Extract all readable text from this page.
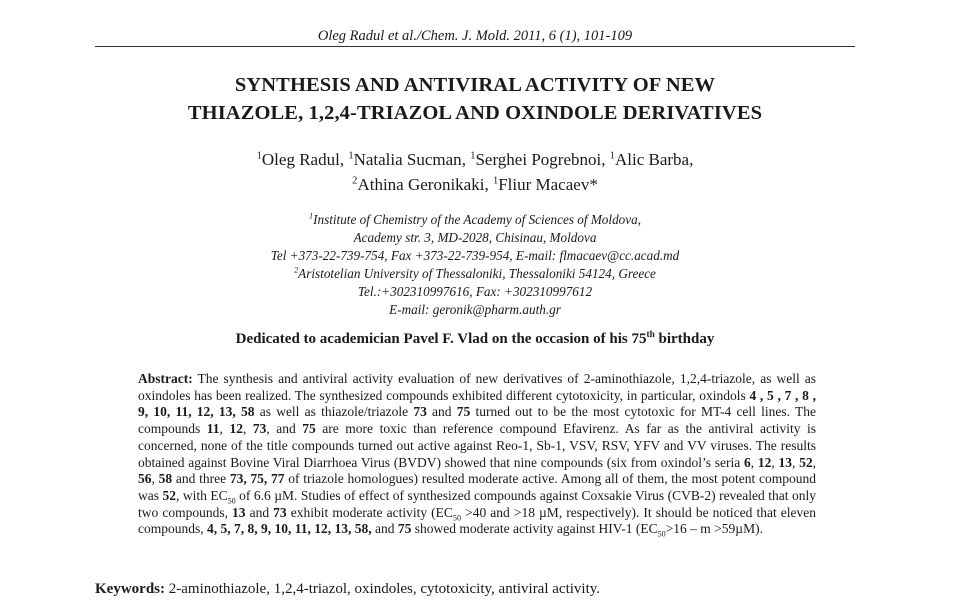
Oleg Radul et al./Chem. J. Mold. 2011, 6 (1), 101-109
SYNTHESIS AND ANTIVIRAL ACTIVITY OF NEW
THIAZOLE, 1,2,4-TRIAZOL AND OXINDOLE DERIVATIVES
$^1$Oleg Radul, $^1$Natalia Sucman, $^1$Serghei Pogrebnoi, $^1$Alic Barba,
$^2$Athina Geronikaki, $^1$Fliur Macaev*
$^1$Institute of Chemistry of the Academy of Sciences of Moldova,
Academy str. 3, MD-2028, Chisinau, Moldova
Tel +373-22-739-754, Fax +373-22-739-954, E-mail: flmacaev@cc.acad.md
$^2$Aristotelian University of Thessaloniki, Thessaloniki 54124, Greece
Tel.:+302310997616, Fax: +302310997612
E-mail: geronik@pharm.auth.gr
Dedicated to academician Pavel F. Vlad on the occasion of his 75th birthday
Abstract: The synthesis and antiviral activity evaluation of new derivatives of 2-aminothiazole, 1,2,4-triazole, as well as oxindoles has been realized. The synthesized compounds exhibited different cytotoxicity, in particular, oxindols 4 , 5 , 7 , 8 , 9, 10, 11, 12, 13, 58 as well as thiazole/triazole 73 and 75 turned out to be the most cytotoxic for MT-4 cell lines. The compounds 11, 12, 73, and 75 are more toxic than reference compound Efavirenz. As far as the antiviral activity is concerned, none of the title compounds turned out active against Reo-1, Sb-1, VSV, RSV, YFV and VV viruses. The results obtained against Bovine Viral Diarrhoea Virus (BVDV) showed that nine compounds (six from oxindol’s seria 6, 12, 13, 52, 56, 58 and three 73, 75, 77 of triazole homologues) resulted moderate active. Among all of them, the most potent compound was 52, with $EC_{50}$ of 6.6 µM. Studies of effect of synthesized compounds against Coxsakie Virus (CVB-2) revealed that only two compounds, 13 and 73 exhibit moderate activity ($EC_{50} >40$ and >18 µM, respectively). It should be noticed that eleven compounds, 4, 5, 7, 8, 9, 10, 11, 12, 13, 58, and 75 showed moderate activity against HIV-1 $(EC_{50}>16 - m >59\mu M)$.
Keywords: 2-aminothiazole, 1,2,4-triazol, oxindoles, cytotoxicity, antiviral activity.
